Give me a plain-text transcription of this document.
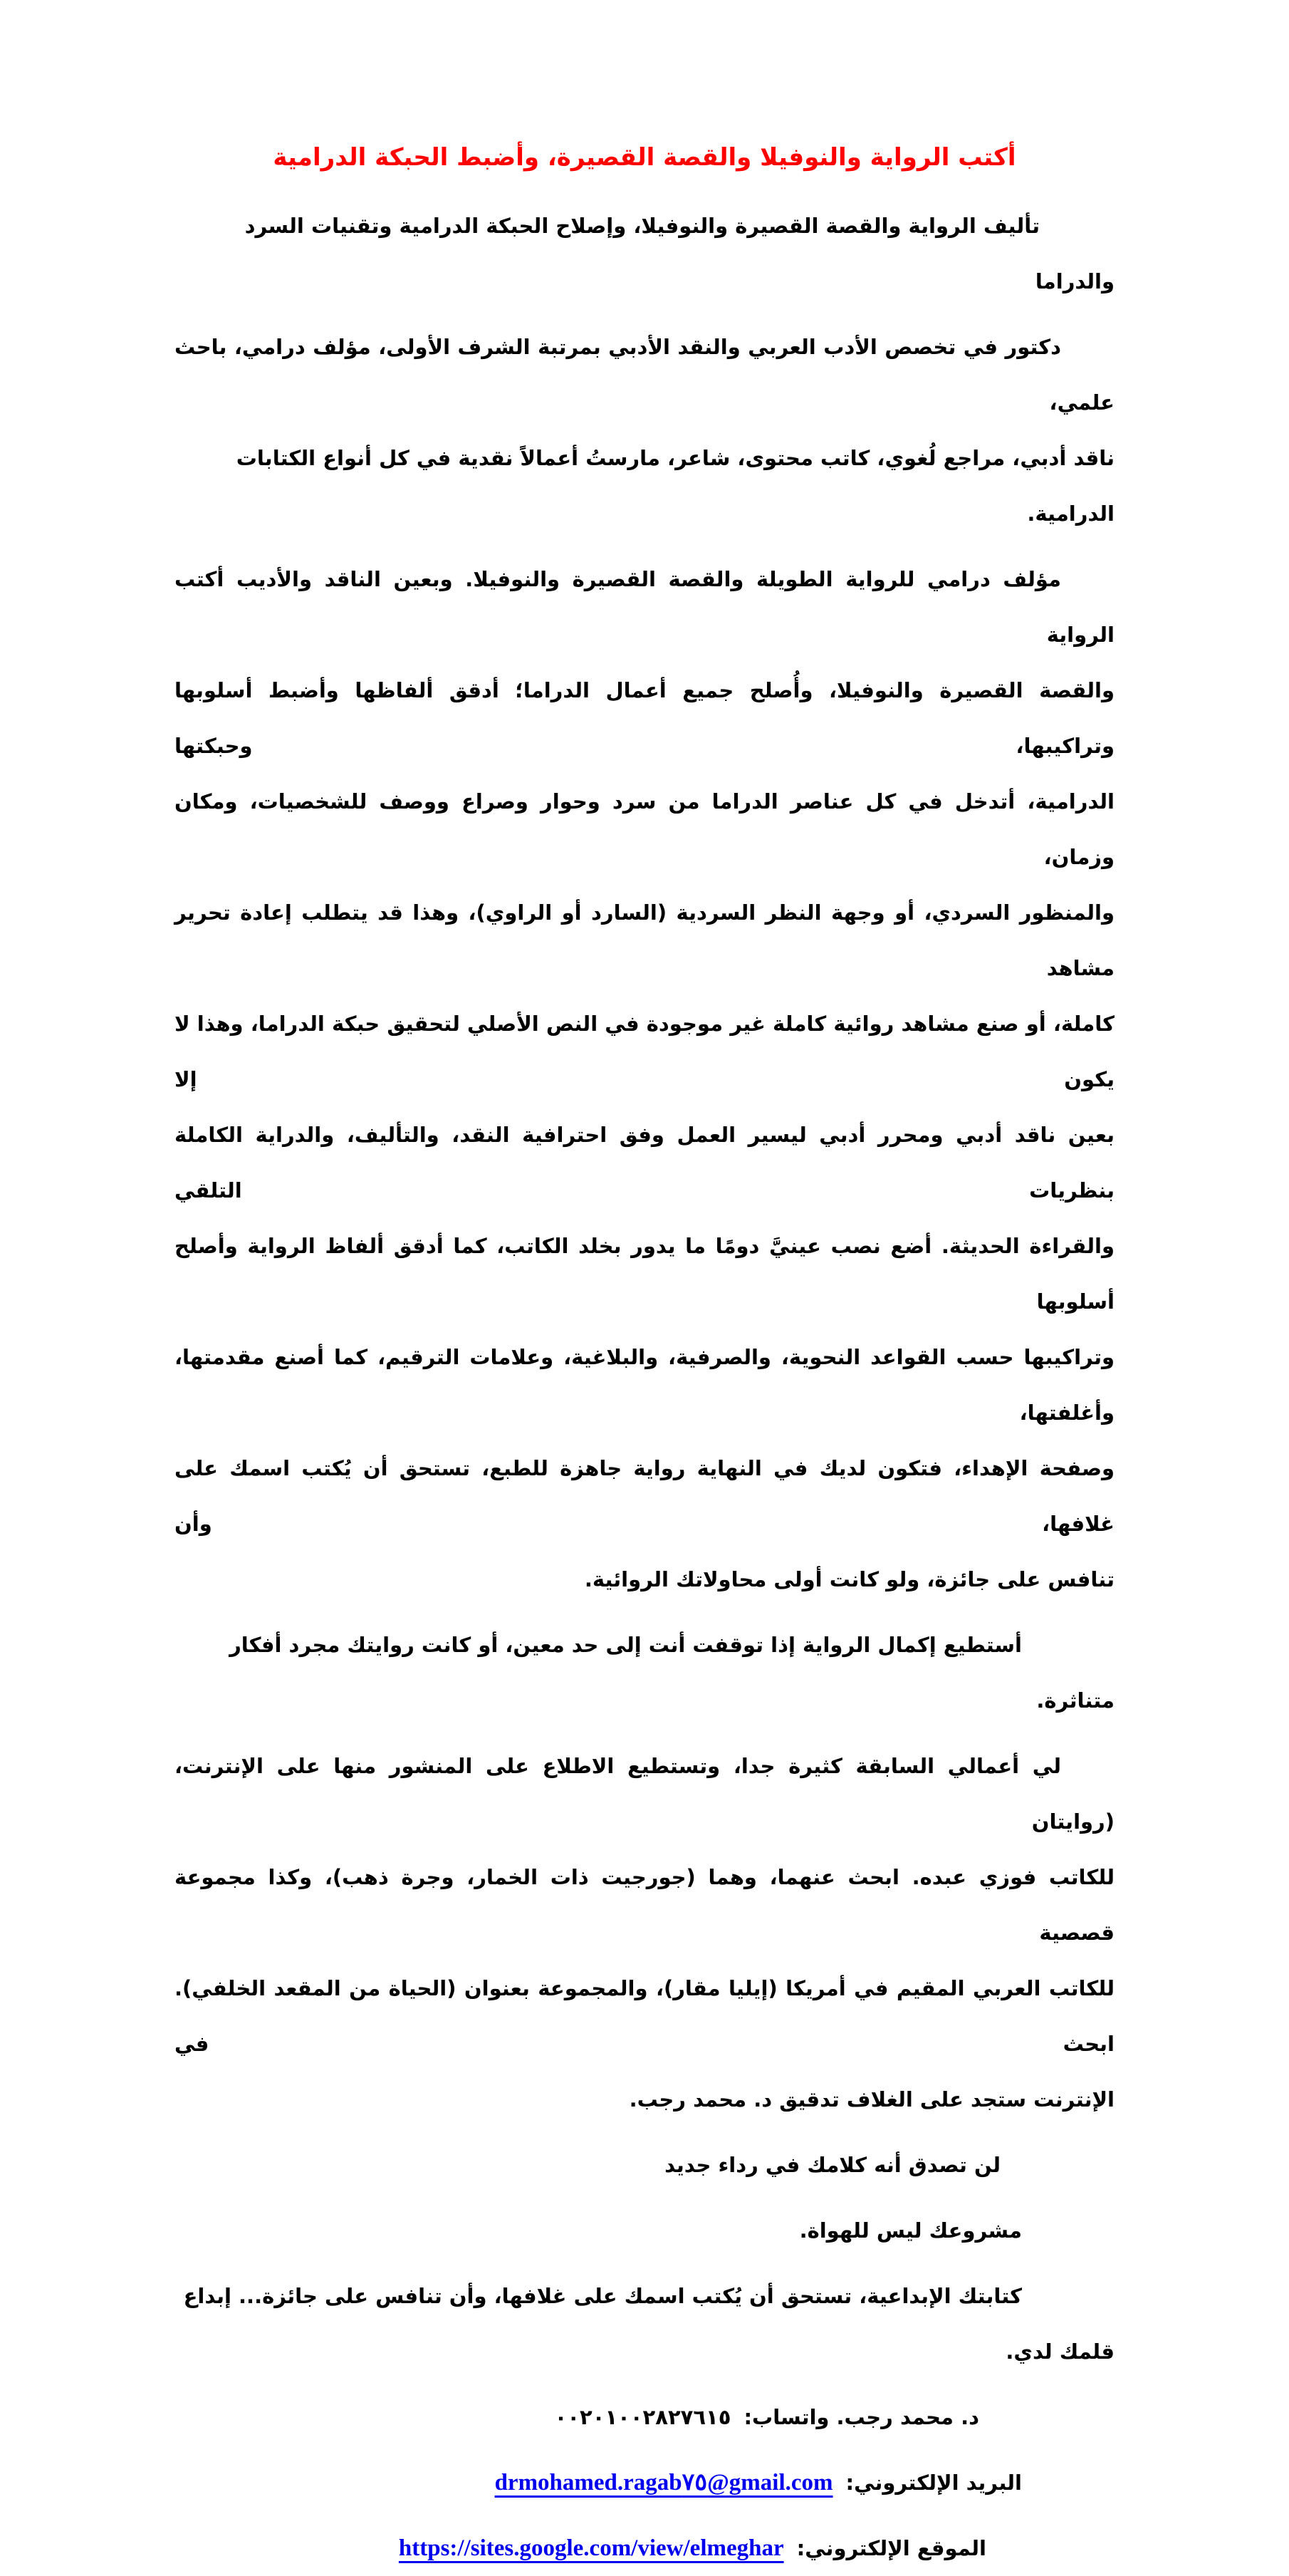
أكتب الرواية والنوفيلا والقصة القصيرة، وأضبط الحبكة الدرامية
تأليف الرواية والقصة القصيرة والنوفيلا، وإصلاح الحبكة الدرامية وتقنيات السرد والدراما
دكتور في تخصص الأدب العربي والنقد الأدبي بمرتبة الشرف الأولى، مؤلف درامي، باحث علمي،
ناقد أدبي، مراجع لُغوي، كاتب محتوى، شاعر، مارستُ أعمالاً نقدية في كل أنواع الكتابات الدرامية.
مؤلف درامي للرواية الطويلة والقصة القصيرة والنوفيلا. وبعين الناقد والأديب أكتب الرواية
والقصة القصيرة والنوفيلا، وأُصلح جميع أعمال الدراما؛ أدقق ألفاظها وأضبط أسلوبها وتراكيبها، وحبكتها
الدرامية، أتدخل في كل عناصر الدراما من سرد وحوار وصراع ووصف للشخصيات، ومكان وزمان،
والمنظور السردي، أو وجهة النظر السردية (السارد أو الراوي)، وهذا قد يتطلب إعادة تحرير مشاهد
كاملة، أو صنع مشاهد روائية كاملة غير موجودة في النص الأصلي لتحقيق حبكة الدراما، وهذا لا يكون إلا
بعين ناقد أدبي ومحرر أدبي ليسير العمل وفق احترافية النقد، والتأليف، والدراية الكاملة بنظريات التلقي
والقراءة الحديثة. أضع نصب عينيَّ دومًا ما يدور بخلد الكاتب، كما أدقق ألفاظ الرواية وأصلح أسلوبها
وتراكيبها حسب القواعد النحوية، والصرفية، والبلاغية، وعلامات الترقيم، كما أصنع مقدمتها، وأغلفتها،
وصفحة الإهداء، فتكون لديك في النهاية رواية جاهزة للطبع، تستحق أن يُكتب اسمك على غلافها، وأن
تنافس على جائزة، ولو كانت أولى محاولاتك الروائية.
أستطيع إكمال الرواية إذا توقفت أنت إلى حد معين، أو كانت روايتك مجرد أفكار متناثرة.
لي أعمالي السابقة كثيرة جدا، وتستطيع الاطلاع على المنشور منها على الإنترنت، (روايتان
للكاتب فوزي عبده. ابحث عنهما، وهما (جورجيت ذات الخمار، وجرة ذهب)، وكذا مجموعة قصصية
للكاتب العربي المقيم في أمريكا (إيليا مقار)، والمجموعة بعنوان (الحياة من المقعد الخلفي). ابحث في
الإنترنت ستجد على الغلاف تدقيق د. محمد رجب.
لن تصدق أنه كلامك في رداء جديد
مشروعك ليس للهواة.
كتابتك الإبداعية، تستحق أن يُكتب اسمك على غلافها، وأن تنافس على جائزة... إبداع قلمك لدي.
د. محمد رجب. واتساب:
٠٠٢٠١٠٠٢٨٢٧٦١٥
البريد الإلكتروني:
drmohamed.ragab٧٥@gmail.com
الموقع الإلكتروني:
https://sites.google.com/view/elmeghar
